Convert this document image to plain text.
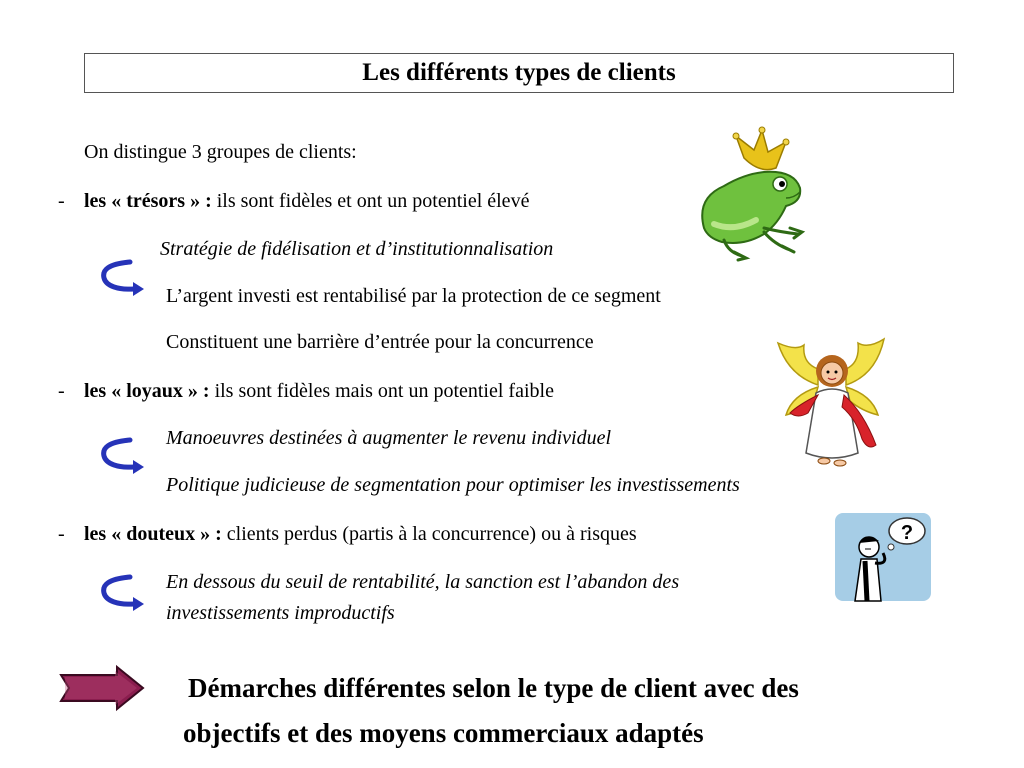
Les différents types de clients
On distingue 3 groupes de clients:
- les « trésors » : ils sont fidèles et ont un potentiel élevé
Stratégie de fidélisation et d’institutionnalisation
L’argent investi est rentabilisé par la protection de ce segment
Constituent une barrière d’entrée pour la concurrence
- les « loyaux » : ils sont fidèles mais ont un potentiel faible
Manoeuvres destinées à augmenter le revenu individuel
Politique judicieuse de segmentation pour optimiser les investissements
- les « douteux » : clients perdus (partis à la concurrence) ou à risques
En dessous du seuil de rentabilité, la sanction est l’abandon des
investissements improductifs
?
Démarches différentes selon le type de client avec des
objectifs et des moyens commerciaux adaptés
